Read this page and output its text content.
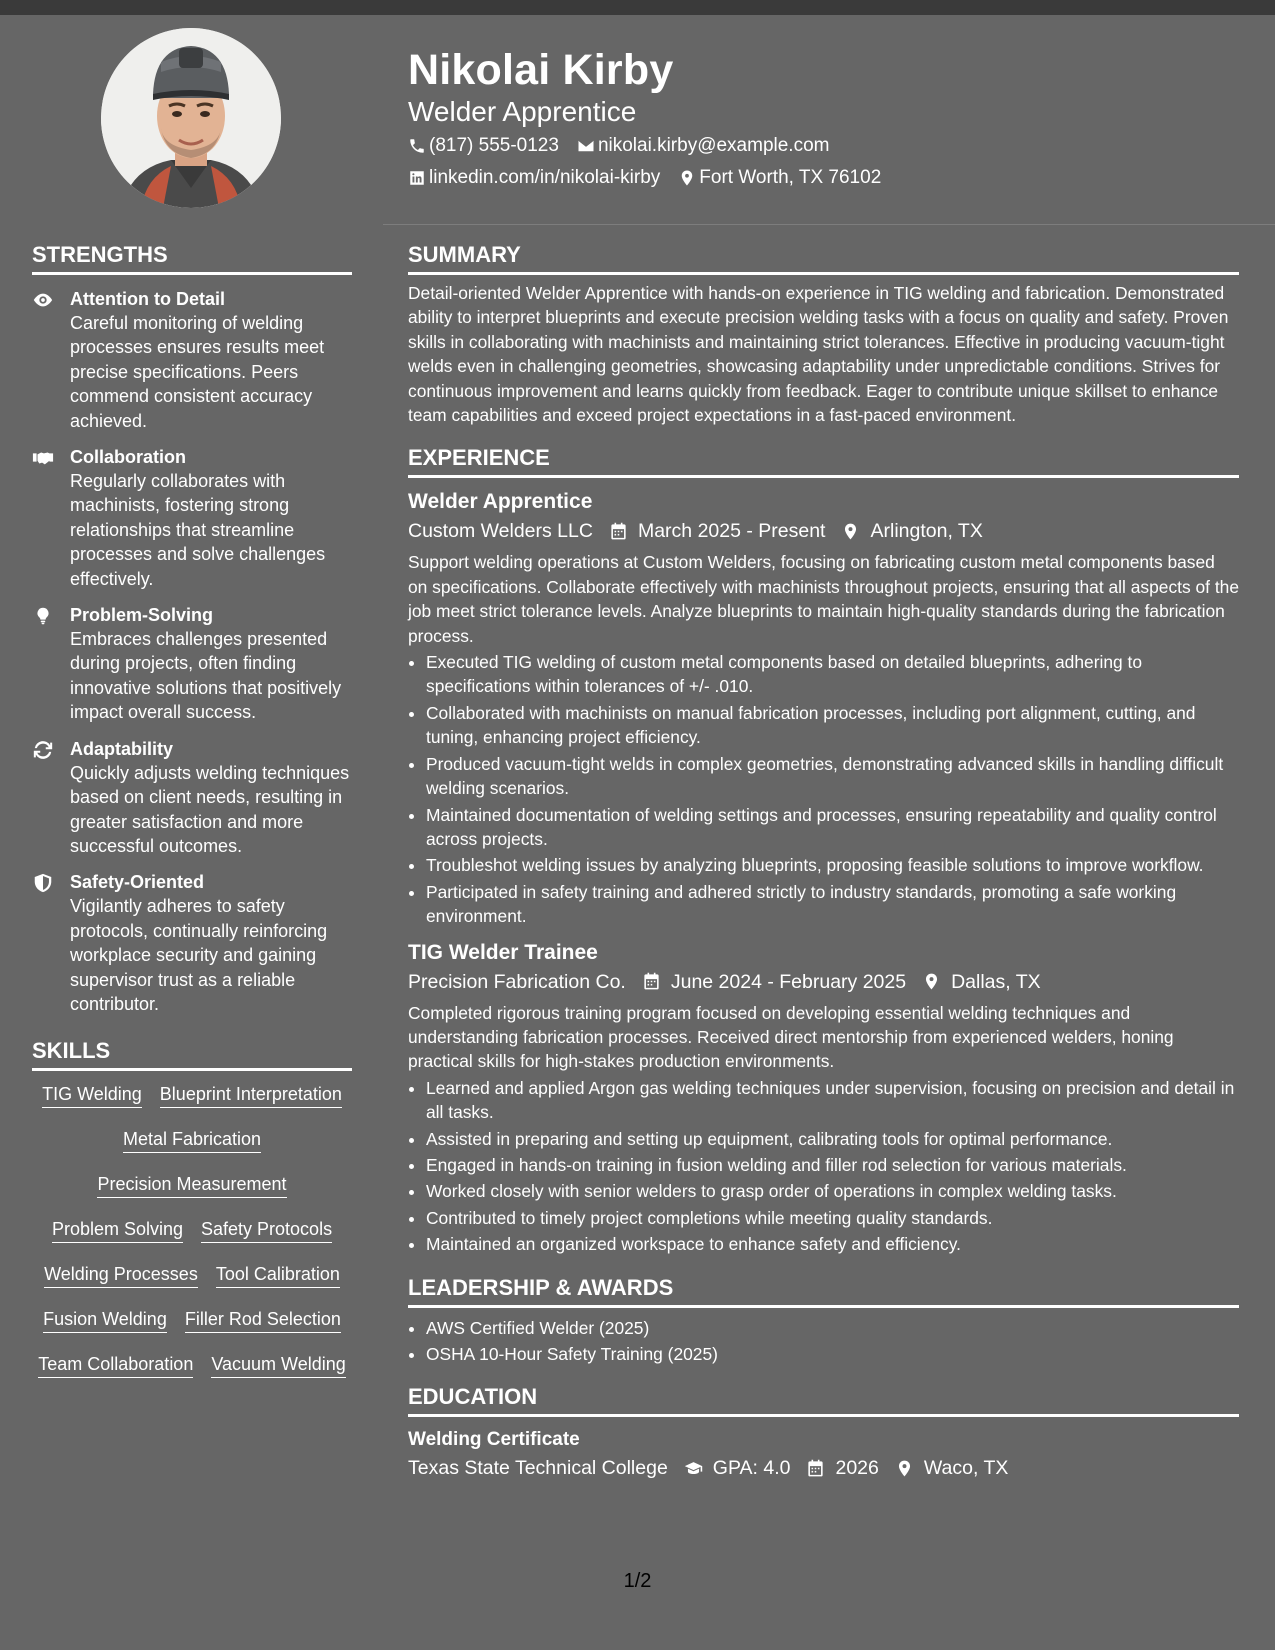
Nikolai Kirby
Welder Apprentice
(817) 555-0123 nikolai.kirby@example.com
linkedin.com/in/nikolai-kirby Fort Worth, TX 76102
STRENGTHS
Attention to Detail
Careful monitoring of welding processes ensures results meet precise specifications. Peers commend consistent accuracy achieved.
Collaboration
Regularly collaborates with machinists, fostering strong relationships that streamline processes and solve challenges effectively.
Problem-Solving
Embraces challenges presented during projects, often finding innovative solutions that positively impact overall success.
Adaptability
Quickly adjusts welding techniques based on client needs, resulting in greater satisfaction and more successful outcomes.
Safety-Oriented
Vigilantly adheres to safety protocols, continually reinforcing workplace security and gaining supervisor trust as a reliable contributor.
SKILLS
TIG Welding Blueprint Interpretation
Metal Fabrication
Precision Measurement
Problem Solving Safety Protocols
Welding Processes Tool Calibration
Fusion Welding Filler Rod Selection
Team Collaboration Vacuum Welding
SUMMARY
Detail-oriented Welder Apprentice with hands-on experience in TIG welding and fabrication. Demonstrated ability to interpret blueprints and execute precision welding tasks with a focus on quality and safety. Proven skills in collaborating with machinists and maintaining strict tolerances. Effective in producing vacuum-tight welds even in challenging geometries, showcasing adaptability under unpredictable conditions. Strives for continuous improvement and learns quickly from feedback. Eager to contribute unique skillset to enhance team capabilities and exceed project expectations in a fast-paced environment.
EXPERIENCE
Welder Apprentice
Custom Welders LLC March 2025 - Present Arlington, TX
Support welding operations at Custom Welders, focusing on fabricating custom metal components based on specifications. Collaborate effectively with machinists throughout projects, ensuring that all aspects of the job meet strict tolerance levels. Analyze blueprints to maintain high-quality standards during the fabrication process.
• Executed TIG welding of custom metal components based on detailed blueprints, adhering to specifications within tolerances of +/- .010.
• Collaborated with machinists on manual fabrication processes, including port alignment, cutting, and tuning, enhancing project efficiency.
• Produced vacuum-tight welds in complex geometries, demonstrating advanced skills in handling difficult welding scenarios.
• Maintained documentation of welding settings and processes, ensuring repeatability and quality control across projects.
• Troubleshot welding issues by analyzing blueprints, proposing feasible solutions to improve workflow.
• Participated in safety training and adhered strictly to industry standards, promoting a safe working environment.
TIG Welder Trainee
Precision Fabrication Co. June 2024 - February 2025 Dallas, TX
Completed rigorous training program focused on developing essential welding techniques and understanding fabrication processes. Received direct mentorship from experienced welders, honing practical skills for high-stakes production environments.
• Learned and applied Argon gas welding techniques under supervision, focusing on precision and detail in all tasks.
• Assisted in preparing and setting up equipment, calibrating tools for optimal performance.
• Engaged in hands-on training in fusion welding and filler rod selection for various materials.
• Worked closely with senior welders to grasp order of operations in complex welding tasks.
• Contributed to timely project completions while meeting quality standards.
• Maintained an organized workspace to enhance safety and efficiency.
LEADERSHIP & AWARDS
• AWS Certified Welder (2025)
• OSHA 10-Hour Safety Training (2025)
EDUCATION
Welding Certificate
Texas State Technical College GPA: 4.0 2026 Waco, TX
1/2
